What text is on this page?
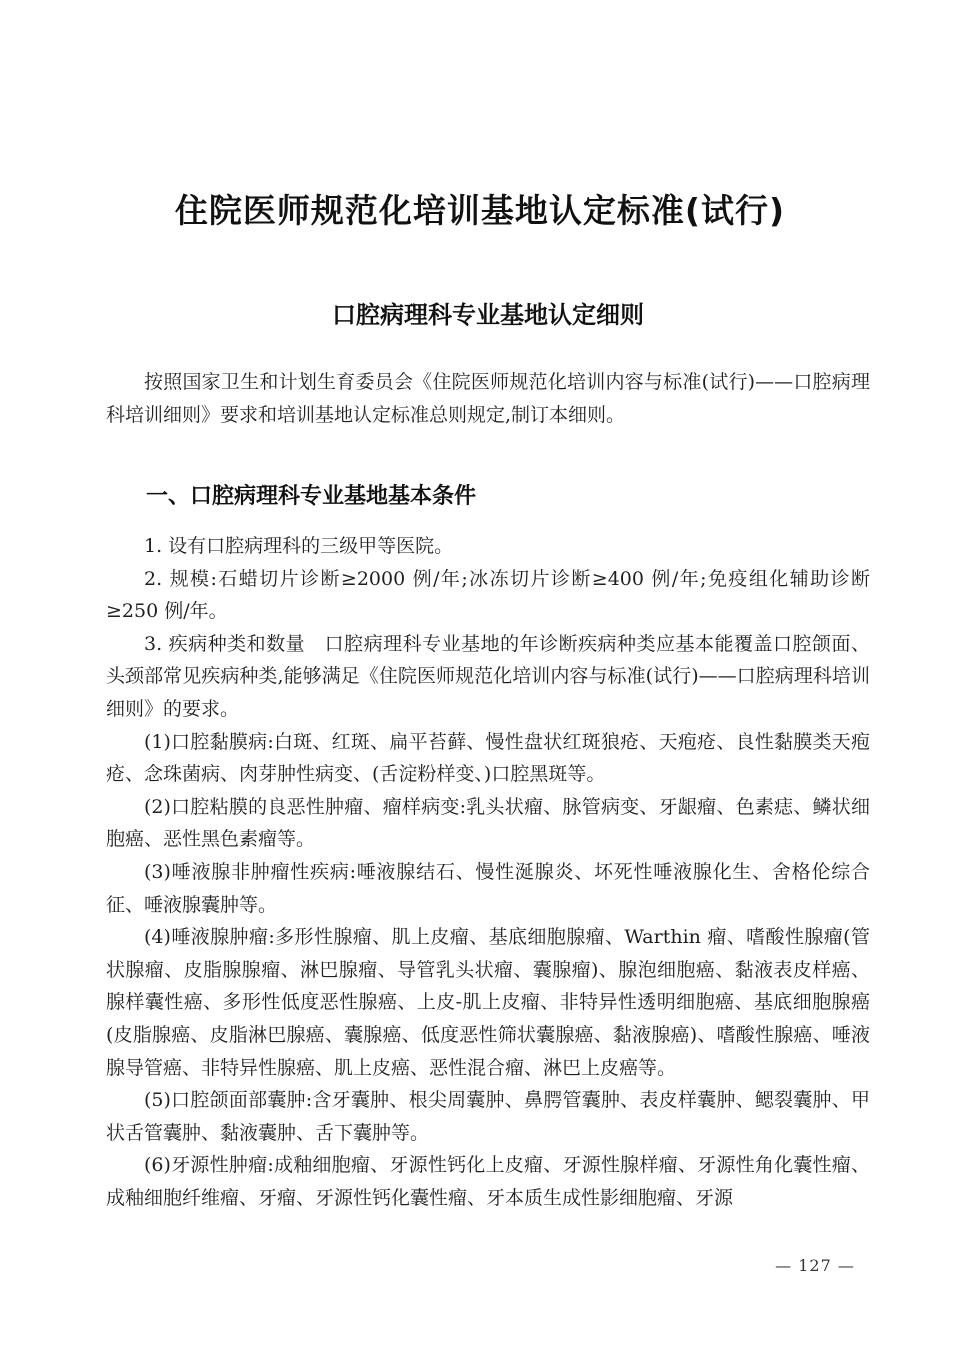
住院医师规范化培训基地认定标准(试行)
口腔病理科专业基地认定细则

按照国家卫生和计划生育委员会《住院医师规范化培训内容与标准(试行)——口腔病理科培训细则》要求和培训基地认定标准总则规定,制订本细则。

一、口腔病理科专业基地基本条件

1. 设有口腔病理科的三级甲等医院。

2. 规模:石蜡切片诊断≥2000 例/年;冰冻切片诊断≥400 例/年;免疫组化辅助诊断≥250 例/年。

3. 疾病种类和数量　口腔病理科专业基地的年诊断疾病种类应基本能覆盖口腔颌面、头颈部常见疾病种类,能够满足《住院医师规范化培训内容与标准(试行)——口腔病理科培训细则》的要求。

(1)口腔黏膜病:白斑、红斑、扁平苔藓、慢性盘状红斑狼疮、天疱疮、良性黏膜类天疱疮、念珠菌病、肉芽肿性病变、(舌淀粉样变、)口腔黑斑等。

(2)口腔粘膜的良恶性肿瘤、瘤样病变:乳头状瘤、脉管病变、牙龈瘤、色素痣、鳞状细胞癌、恶性黑色素瘤等。

(3)唾液腺非肿瘤性疾病:唾液腺结石、慢性涎腺炎、坏死性唾液腺化生、舍格伦综合征、唾液腺囊肿等。

(4)唾液腺肿瘤:多形性腺瘤、肌上皮瘤、基底细胞腺瘤、Warthin 瘤、嗜酸性腺瘤(管状腺瘤、皮脂腺腺瘤、淋巴腺瘤、导管乳头状瘤、囊腺瘤)、腺泡细胞癌、黏液表皮样癌、腺样囊性癌、多形性低度恶性腺癌、上皮-肌上皮瘤、非特异性透明细胞癌、基底细胞腺癌(皮脂腺癌、皮脂淋巴腺癌、囊腺癌、低度恶性筛状囊腺癌、黏液腺癌)、嗜酸性腺癌、唾液腺导管癌、非特异性腺癌、肌上皮癌、恶性混合瘤、淋巴上皮癌等。

(5)口腔颌面部囊肿:含牙囊肿、根尖周囊肿、鼻腭管囊肿、表皮样囊肿、鳃裂囊肿、甲状舌管囊肿、黏液囊肿、舌下囊肿等。

(6)牙源性肿瘤:成釉细胞瘤、牙源性钙化上皮瘤、牙源性腺样瘤、牙源性角化囊性瘤、成釉细胞纤维瘤、牙瘤、牙源性钙化囊性瘤、牙本质生成性影细胞瘤、牙源

— 127 —
